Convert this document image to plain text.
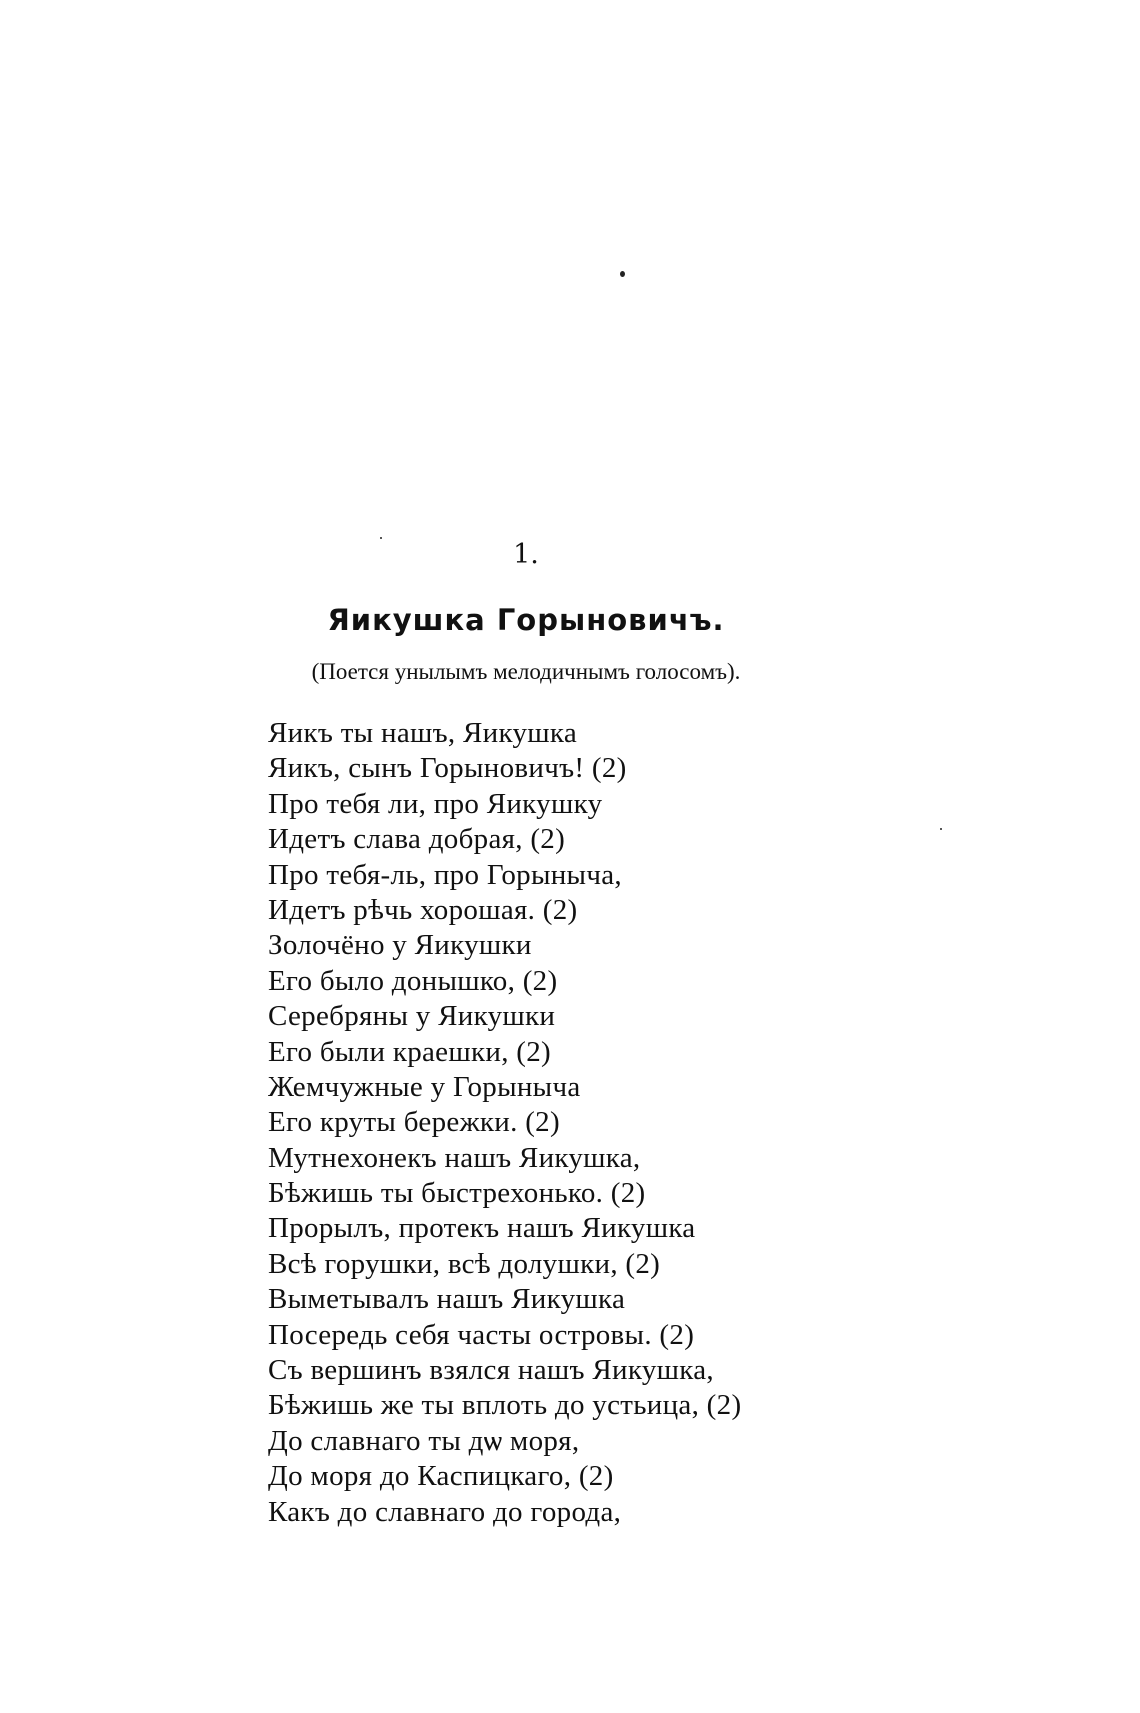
1.
Яикушка Горыновичъ.
(Поется унылымъ мелодичнымъ голосомъ).
Яикъ ты нашъ, Яикушка
Яикъ, сынъ Горыновичъ! (2)
Про тебя ли, про Яикушку
Идетъ слава добрая, (2)
Про тебя-ль, про Горыныча,
Идетъ рѣчь хорошая. (2)
Золочёно у Яикушки
Его было донышко, (2)
Серебряны у Яикушки
Его были краешки, (2)
Жемчужные у Горыныча
Его круты бережки. (2)
Мутнехонекъ нашъ Яикушка,
Бѣжишь ты быстрехонько. (2)
Прорылъ, протекъ нашъ Яикушка
Всѣ горушки, всѣ долушки, (2)
Выметывалъ нашъ Яикушка
Посередь себя часты островы. (2)
Съ вершинъ взялся нашъ Яикушка,
Бѣжишь же ты вплоть до устьица, (2)
До славнаго ты дѡ моря,
До моря до Каспицкаго, (2)
Какъ до славнаго до города,
